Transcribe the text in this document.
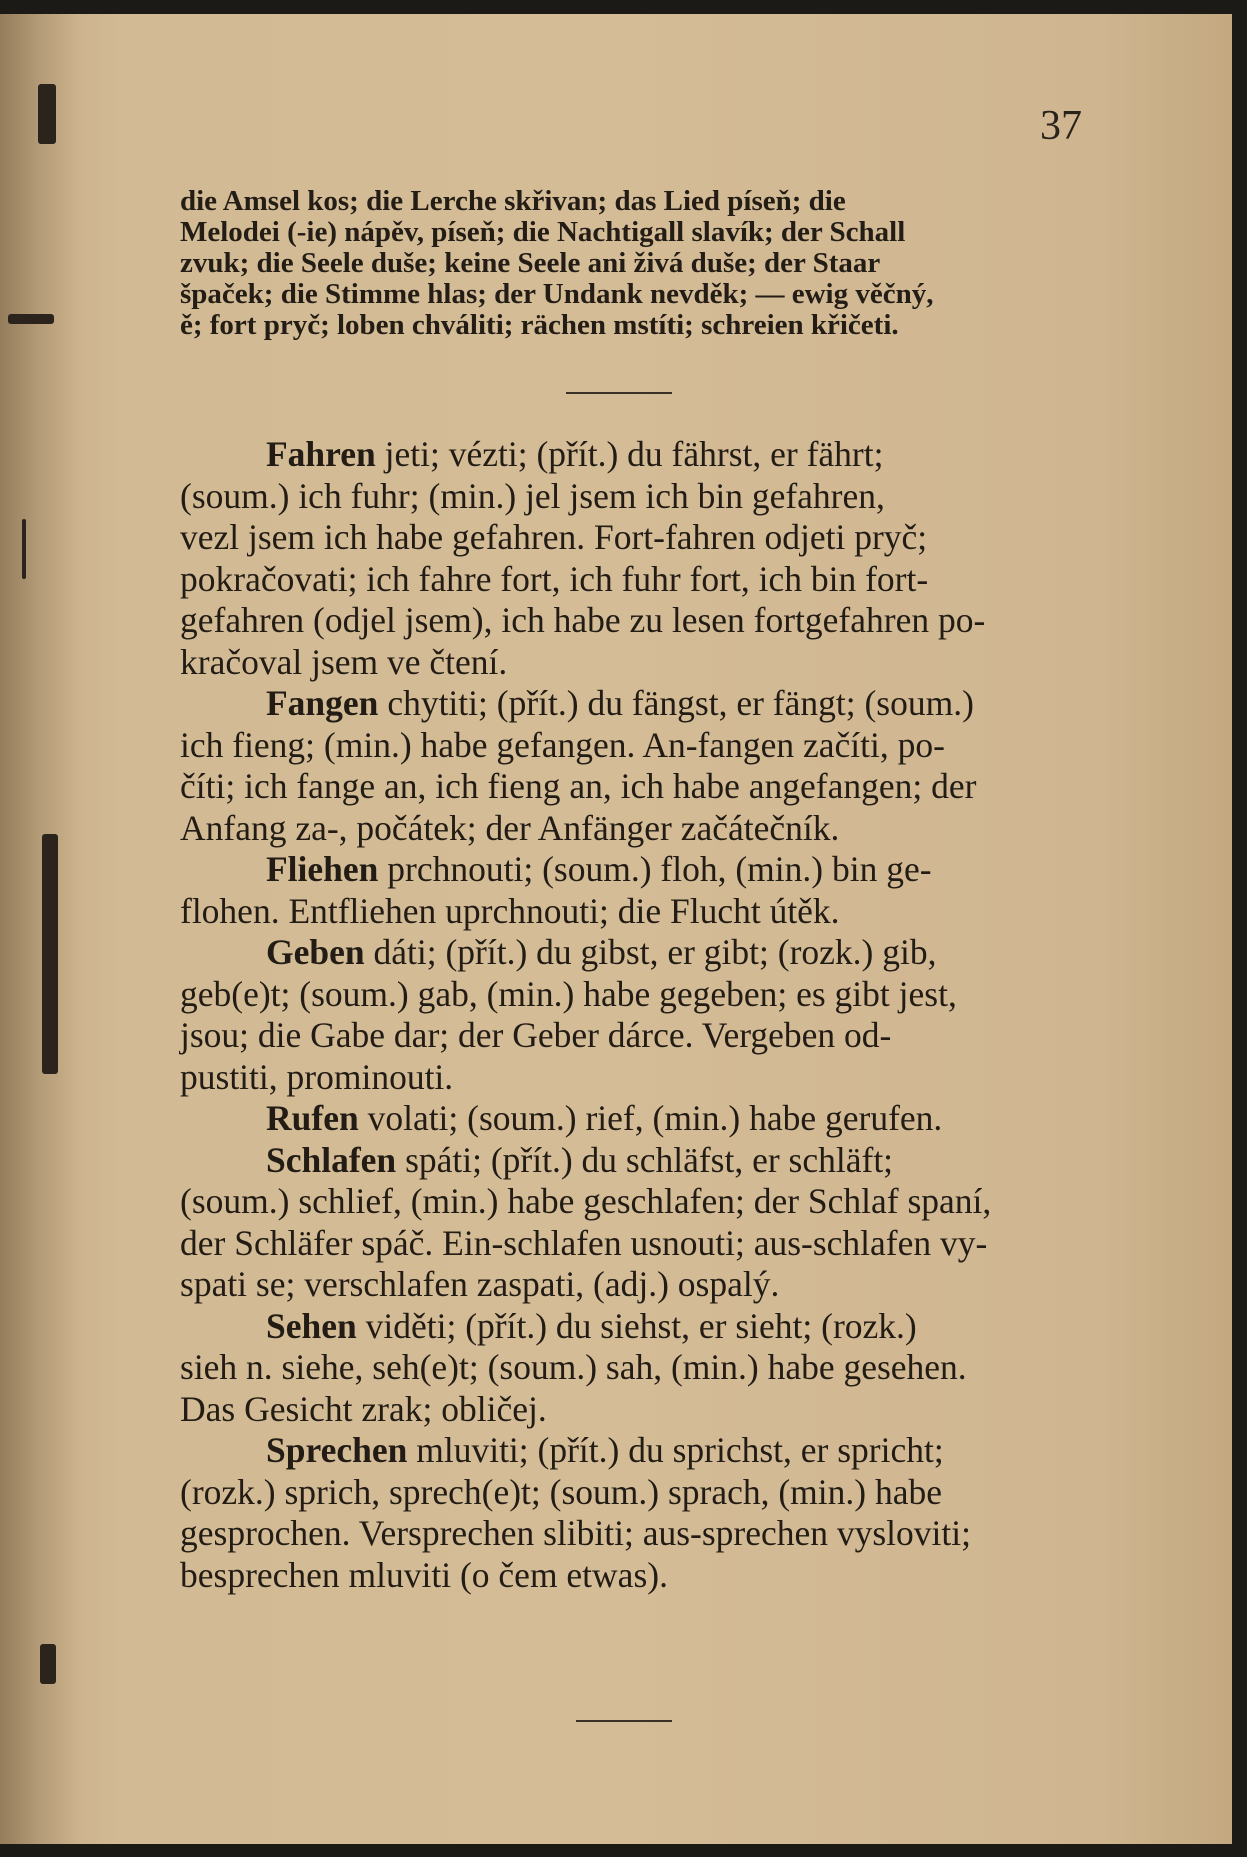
37
die Amsel kos; die Lerche skřivan; das Lied píseň; die
Melodei (-ie) nápěv, píseň; die Nachtigall slavík; der Schall
zvuk; die Seele duše; keine Seele ani živá duše; der Staar
špaček; die Stimme hlas; der Undank nevděk; — ewig věčný,
ě; fort pryč; loben chváliti; rächen mstíti; schreien křičeti.
Fahren jeti; vézti; (přít.) du fährst, er fährt;
(soum.) ich fuhr; (min.) jel jsem ich bin gefahren,
vezl jsem ich habe gefahren. Fort-fahren odjeti pryč;
pokračovati; ich fahre fort, ich fuhr fort, ich bin fort-
gefahren (odjel jsem), ich habe zu lesen fortgefahren po-
kračoval jsem ve čtení.
Fangen chytiti; (přít.) du fängst, er fängt; (soum.)
ich fieng; (min.) habe gefangen. An-fangen začíti, po-
číti; ich fange an, ich fieng an, ich habe angefangen; der
Anfang za-, počátek; der Anfänger začátečník.
Fliehen prchnouti; (soum.) floh, (min.) bin ge-
flohen. Entfliehen uprchnouti; die Flucht útěk.
Geben dáti; (přít.) du gibst, er gibt; (rozk.) gib,
geb(e)t; (soum.) gab, (min.) habe gegeben; es gibt jest,
jsou; die Gabe dar; der Geber dárce. Vergeben od-
pustiti, prominouti.
Rufen volati; (soum.) rief, (min.) habe gerufen.
Schlafen spáti; (přít.) du schläfst, er schläft;
(soum.) schlief, (min.) habe geschlafen; der Schlaf spaní,
der Schläfer spáč. Ein-schlafen usnouti; aus-schlafen vy-
spati se; verschlafen zaspati, (adj.) ospalý.
Sehen viděti; (přít.) du siehst, er sieht; (rozk.)
sieh n. siehe, seh(e)t; (soum.) sah, (min.) habe gesehen.
Das Gesicht zrak; obličej.
Sprechen mluviti; (přít.) du sprichst, er spricht;
(rozk.) sprich, sprech(e)t; (soum.) sprach, (min.) habe
gesprochen. Versprechen slibiti; aus-sprechen vysloviti;
besprechen mluviti (o čem etwas).
